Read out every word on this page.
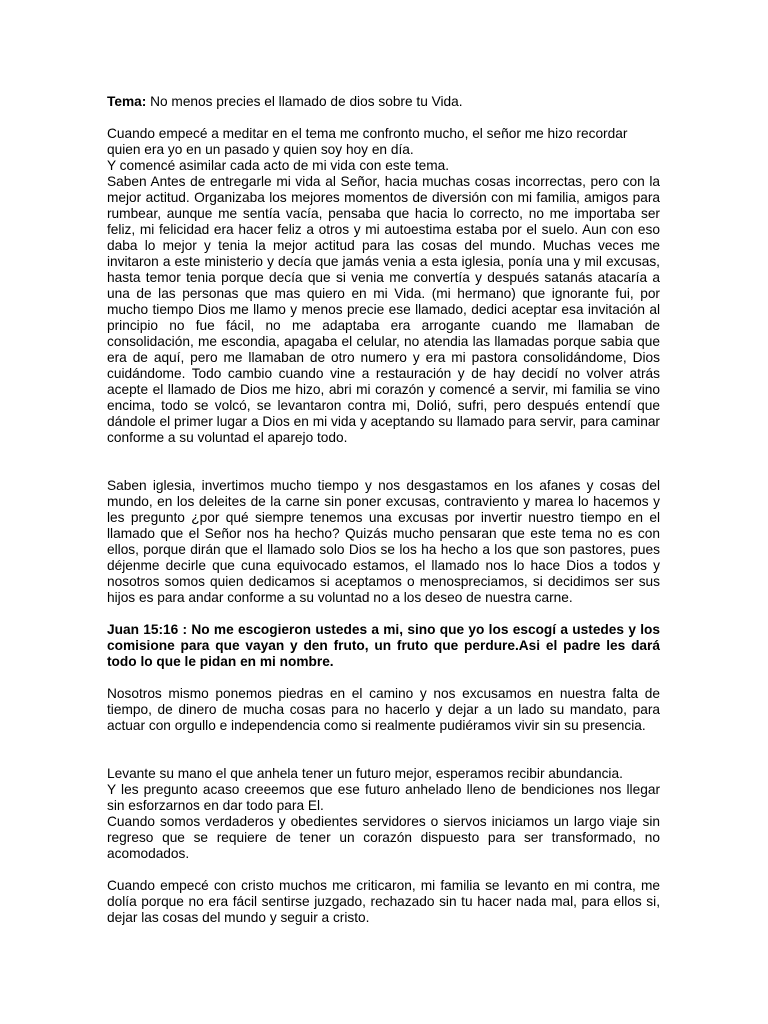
Tema: No menos precies el llamado de dios sobre tu Vida.

Cuando empecé a meditar en el tema me confronto mucho, el señor me hizo recordar quien era yo en un pasado y quien soy hoy en día.

Y comencé asimilar cada acto de mi vida con este tema.

Saben Antes de entregarle mi vida al Señor, hacia muchas cosas incorrectas, pero con la mejor actitud. Organizaba los mejores momentos de diversión con mi familia, amigos para rumbear, aunque me sentía vacía, pensaba que hacia lo correcto, no me importaba ser feliz, mi felicidad era hacer feliz a otros y mi autoestima estaba por el suelo. Aun con eso daba lo mejor y tenia la mejor actitud para las cosas del mundo. Muchas veces me invitaron a este ministerio y decía que jamás venia a esta iglesia, ponía una y mil excusas, hasta temor tenia porque decía que si venia me convertía y después satanás atacaría a una de las personas que mas quiero en mi Vida. (mi hermano) que ignorante fui, por mucho tiempo Dios me llamo y menos precie ese llamado, dedici aceptar esa invitación al principio no fue fácil, no me adaptaba era arrogante cuando me llamaban de consolidación, me escondia, apagaba el celular, no atendia las llamadas porque sabia que era de aquí, pero me llamaban de otro numero y era mi pastora consolidándome, Dios cuidándome. Todo cambio cuando vine a restauración y de hay decidí no volver atrás acepte el llamado de Dios me hizo, abri mi corazón y comencé a servir, mi familia se vino encima, todo se volcó, se levantaron contra mi, Dolió, sufri, pero después entendí que dándole el primer lugar a Dios en mi vida y aceptando su llamado para servir, para caminar conforme a su voluntad el aparejo todo.

Saben iglesia, invertimos mucho tiempo y nos desgastamos en los afanes y cosas del mundo, en los deleites de la carne sin poner excusas, contraviento y marea lo hacemos y les pregunto ¿por qué siempre tenemos una excusas por invertir nuestro tiempo en el llamado que el Señor nos ha hecho? Quizás mucho pensaran que este tema no es con ellos, porque dirán que el llamado solo Dios se los ha hecho a los que son pastores, pues déjenme decirle que cuna equivocado estamos, el llamado nos lo hace Dios a todos y nosotros somos quien dedicamos si aceptamos o menospreciamos, si decidimos ser sus hijos es para andar conforme a su voluntad no a los deseo de nuestra carne.

Juan 15:16 : No me escogieron ustedes a mi, sino que yo los escogí a ustedes y los comisione para que vayan y den fruto, un fruto que perdure.Asi el padre les dará todo lo que le pidan en mi nombre.

Nosotros mismo ponemos piedras en el camino y nos excusamos en nuestra falta de tiempo, de dinero de mucha cosas para no hacerlo y dejar a un lado su mandato, para actuar con orgullo e independencia como si realmente pudiéramos vivir sin su presencia.

Levante su mano el que anhela tener un futuro mejor, esperamos recibir abundancia.

Y les pregunto acaso creeemos que ese futuro anhelado lleno de bendiciones nos llegar sin esforzarnos en dar todo para El.

Cuando somos verdaderos y obedientes servidores o siervos iniciamos un largo viaje sin regreso que se requiere de tener un corazón dispuesto para ser transformado, no acomodados.

Cuando empecé con cristo muchos me criticaron, mi familia se levanto en mi contra, me dolía porque no era fácil sentirse juzgado, rechazado sin tu hacer nada mal, para ellos si, dejar las cosas del mundo y seguir a cristo.
